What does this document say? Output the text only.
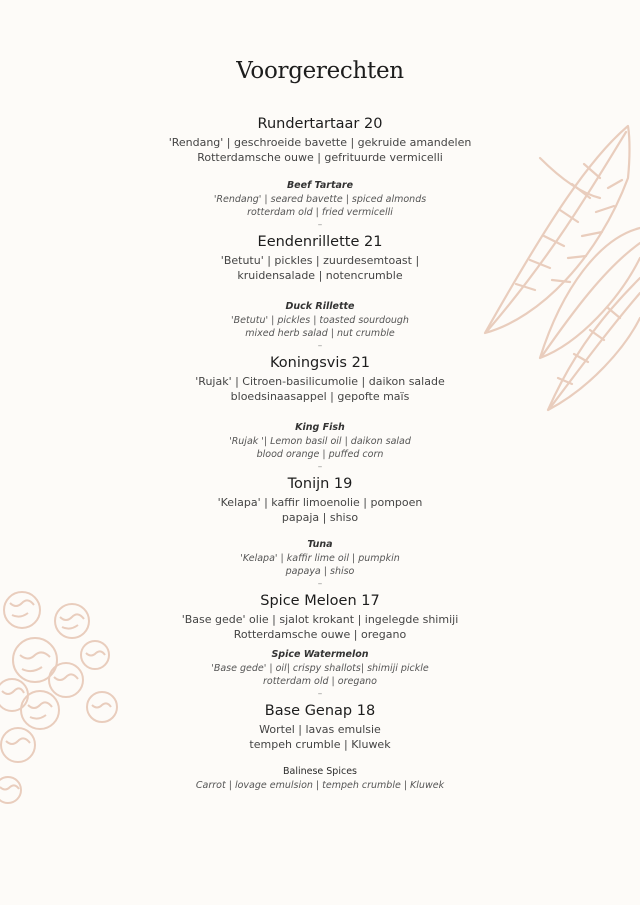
Voorgerechten
Rundertartaar 20
'Rendang' | geschroeide bavette | gekruide amandelen
Rotterdamsche ouwe | gefrituurde vermicelli
Beef Tartare
'Rendang' | seared bavette | spiced almonds
rotterdam old | fried vermicelli
–
Eendenrillette 21
'Betutu' | pickles | zuurdesemtoast |
kruidensalade | notencrumble
Duck Rillette
'Betutu' | pickles | toasted sourdough
mixed herb salad | nut crumble
–
Koningsvis 21
'Rujak' | Citroen-basilicumolie | daikon salade
bloedsinaasappel | gepofte maïs
King Fish
'Rujak '| Lemon basil oil | daikon salad
blood orange | puffed corn
–
Tonijn 19
'Kelapa' | kaffir limoenolie | pompoen
papaja | shiso
Tuna
'Kelapa' | kaffir lime oil | pumpkin
papaya | shiso
–
Spice Meloen 17
'Base gede' olie | sjalot krokant | ingelegde shimiji
Rotterdamsche ouwe | oregano
Spice Watermelon
'Base gede' | oil| crispy shallots| shimiji pickle
rotterdam old | oregano
–
Base Genap 18
Wortel | lavas emulsie
tempeh crumble | Kluwek
Balinese Spices
Carrot | lovage emulsion | tempeh crumble | Kluwek
